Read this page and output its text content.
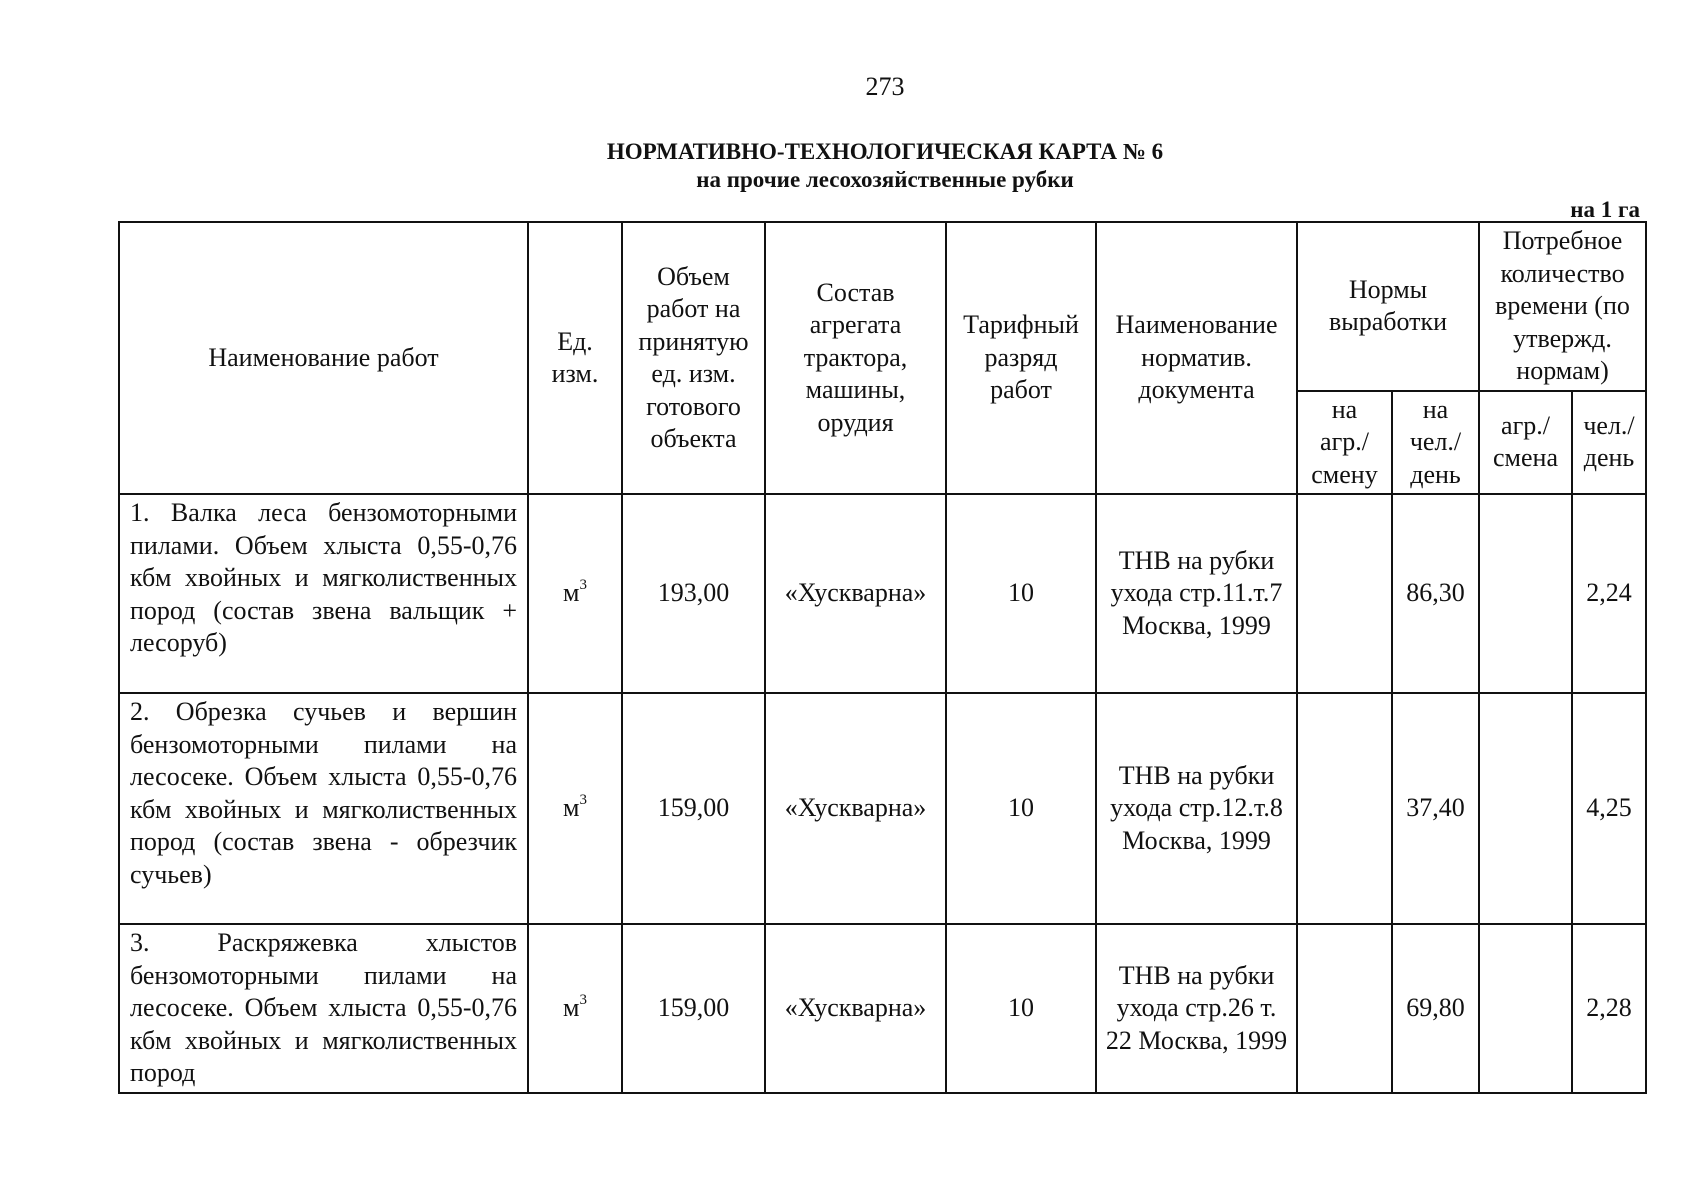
273
НОРМАТИВНО-ТЕХНОЛОГИЧЕСКАЯ КАРТА № 6
на прочие лесохозяйственные рубки
на 1 га
Наименование работ	Ед. изм.	Объем работ на принятую ед. изм. готового объекта	Состав агрегата трактора, машины, орудия	Тарифный разряд работ	Наименование норматив. документа	Нормы выработки		Потребное количество времени (по утвержд. нормам)	
						на агр./ смену	на чел./ день	агр./ смена	чел./ день
1. Валка леса бензомоторными пилами. Объем хлыста 0,55-0,76 кбм хвойных и мягколиственных пород (состав звена вальщик + лесоруб)	$м^3$	193,00	«Хускварна»	10	ТНВ на рубки ухода стр.11.т.7 Москва, 1999		86,30		2,24
2. Обрезка сучьев и вершин бензомоторными пилами на лесосеке. Объем хлыста 0,55-0,76 кбм хвойных и мягколиственных пород (состав звена - обрезчик сучьев)	$м^3$	159,00	«Хускварна»	10	ТНВ на рубки ухода стр.12.т.8 Москва, 1999		37,40		4,25
3. Раскряжевка хлыстов бензомоторными пилами на лесосеке. Объем хлыста 0,55-0,76 кбм хвойных и мягколиственных пород	$м^3$	159,00	«Хускварна»	10	ТНВ на рубки ухода стр.26 т. 22 Москва, 1999		69,80		2,28
